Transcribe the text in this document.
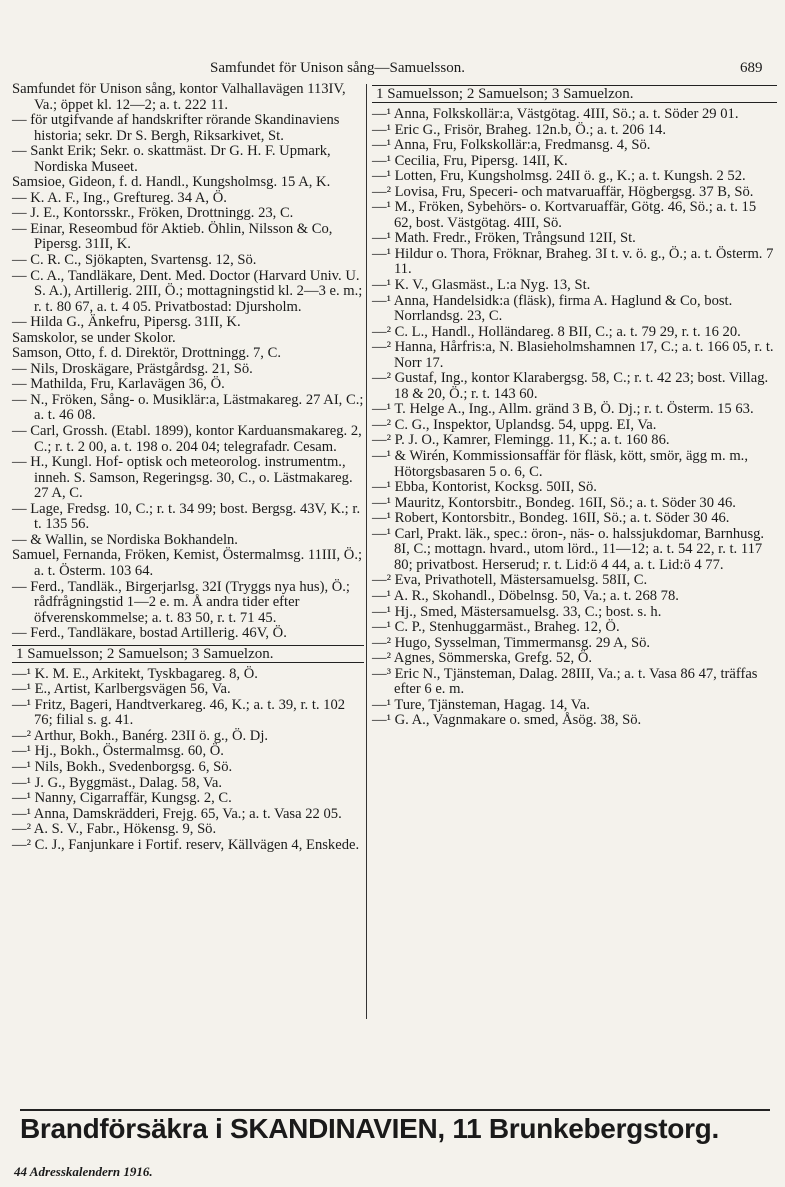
Samfundet för Unison sång—Samuelsson.	689
Samfundet för Unison sång, kontor Valhallavägen 113IV, Va.; öppet kl. 12—2; a. t. 222 11.
— för utgifvande af handskrifter rörande Skandinaviens historia; sekr. Dr S. Bergh, Riksarkivet, St.
— Sankt Erik; Sekr. o. skattmäst. Dr G. H. F. Upmark, Nordiska Museet.
Samsioe, Gideon, f. d. Handl., Kungsholmsg. 15 A, K.
— K. A. F., Ing., Greftureg. 34 A, Ö.
— J. E., Kontorsskr., Fröken, Drottningg. 23, C.
— Einar, Reseombud för Aktieb. Öhlin, Nilsson & Co, Pipersg. 31II, K.
— C. R. C., Sjökapten, Svartensg. 12, Sö.
— C. A., Tandläkare, Dent. Med. Doctor (Harvard Univ. U. S. A.), Artillerig. 2III, Ö.; mottagningstid kl. 2—3 e. m.; r. t. 80 67, a. t. 4 05. Privatbostad: Djursholm.
— Hilda G., Änkefru, Pipersg. 31II, K.
Samskolor, se under Skolor.
Samson, Otto, f. d. Direktör, Drottningg. 7, C.
— Nils, Droskägare, Prästgårdsg. 21, Sö.
— Mathilda, Fru, Karlavägen 36, Ö.
— N., Fröken, Sång- o. Musiklär:a, Lästmakareg. 27 AI, C.; a. t. 46 08.
— Carl, Grossh. (Etabl. 1899), kontor Karduansmakareg. 2, C.; r. t. 2 00, a. t. 198 o. 204 04; telegrafadr. Cesam.
— H., Kungl. Hof- optisk och meteorolog. instrumentm., inneh. S. Samson, Regeringsg. 30, C., o. Lästmakareg. 27 A, C.
— Lage, Fredsg. 10, C.; r. t. 34 99; bost. Bergsg. 43V, K.; r. t. 135 56.
— & Wallin, se Nordiska Bokhandeln.
Samuel, Fernanda, Fröken, Kemist, Östermalmsg. 11III, Ö.; a. t. Österm. 103 64.
— Ferd., Tandläk., Birgerjarlsg. 32I (Tryggs nya hus), Ö.; rådfrågningstid 1—2 e. m. Å andra tider efter öfverenskommelse; a. t. 83 50, r. t. 71 45.
— Ferd., Tandläkare, bostad Artillerig. 46V, Ö.
1 Samuelsson; 2 Samuelson; 3 Samuelzon.
—¹ K. M. E., Arkitekt, Tyskbagareg. 8, Ö.
—¹ E., Artist, Karlbergsvägen 56, Va.
—¹ Fritz, Bageri, Handtverkareg. 46, K.; a. t. 39, r. t. 102 76; filial s. g. 41.
—² Arthur, Bokh., Banérg. 23II ö. g., Ö. Dj.
—¹ Hj., Bokh., Östermalmsg. 60, Ö.
—¹ Nils, Bokh., Svedenborgsg. 6, Sö.
—¹ J. G., Byggmäst., Dalag. 58, Va.
—¹ Nanny, Cigarraffär, Kungsg. 2, C.
—¹ Anna, Damskrädderi, Frejg. 65, Va.; a. t. Vasa 22 05.
—² A. S. V., Fabr., Hökensg. 9, Sö.
—² C. J., Fanjunkare i Fortif. reserv, Källvägen 4, Enskede.
1 Samuelsson; 2 Samuelson; 3 Samuelzon.
—¹ Anna, Folkskollär:a, Västgötag. 4III, Sö.; a. t. Söder 29 01.
—¹ Eric G., Frisör, Braheg. 12n.b, Ö.; a. t. 206 14.
—¹ Anna, Fru, Folkskollär:a, Fredmansg. 4, Sö.
—¹ Cecilia, Fru, Pipersg. 14II, K.
—¹ Lotten, Fru, Kungsholmsg. 24II ö. g., K.; a. t. Kungsh. 2 52.
—² Lovisa, Fru, Speceri- och matvaruaffär, Högbergsg. 37 B, Sö.
—¹ M., Fröken, Sybehörs- o. Kortvaruaffär, Götg. 46, Sö.; a. t. 15 62, bost. Västgötag. 4III, Sö.
—¹ Math. Fredr., Fröken, Trångsund 12II, St.
—¹ Hildur o. Thora, Fröknar, Braheg. 3I t. v. ö. g., Ö.; a. t. Österm. 7 11.
—¹ K. V., Glasmäst., L:a Nyg. 13, St.
—¹ Anna, Handelsidk:a (fläsk), firma A. Haglund & Co, bost. Norrlandsg. 23, C.
—² C. L., Handl., Holländareg. 8 BII, C.; a. t. 79 29, r. t. 16 20.
—² Hanna, Hårfris:a, N. Blasieholmshamnen 17, C.; a. t. 166 05, r. t. Norr 17.
—² Gustaf, Ing., kontor Klarabergsg. 58, C.; r. t. 42 23; bost. Villag. 18 & 20, Ö.; r. t. 143 60.
—¹ T. Helge A., Ing., Allm. gränd 3 B, Ö. Dj.; r. t. Österm. 15 63.
—² C. G., Inspektor, Uplandsg. 54, uppg. EI, Va.
—² P. J. O., Kamrer, Flemingg. 11, K.; a. t. 160 86.
—¹ & Wirén, Kommissionsaffär för fläsk, kött, smör, ägg m. m., Hötorgsbasaren 5 o. 6, C.
—¹ Ebba, Kontorist, Kocksg. 50II, Sö.
—¹ Mauritz, Kontorsbitr., Bondeg. 16II, Sö.; a. t. Söder 30 46.
—¹ Robert, Kontorsbitr., Bondeg. 16II, Sö.; a. t. Söder 30 46.
—¹ Carl, Prakt. läk., spec.: öron-, näs- o. halssjukdomar, Barnhusg. 8I, C.; mottagn. hvard., utom lörd., 11—12; a. t. 54 22, r. t. 117 80; privatbost. Herserud; r. t. Lid:ö 4 44, a. t. Lid:ö 4 77.
—² Eva, Privathotell, Mästersamuelsg. 58II, C.
—¹ A. R., Skohandl., Döbelnsg. 50, Va.; a. t. 268 78.
—¹ Hj., Smed, Mästersamuelsg. 33, C.; bost. s. h.
—¹ C. P., Stenhuggarmäst., Braheg. 12, Ö.
—² Hugo, Sysselman, Timmermansg. 29 A, Sö.
—² Agnes, Sömmerska, Grefg. 52, Ö.
—³ Eric N., Tjänsteman, Dalag. 28III, Va.; a. t. Vasa 86 47, träffas efter 6 e. m.
—¹ Ture, Tjänsteman, Hagag. 14, Va.
—¹ G. A., Vagnmakare o. smed, Åsög. 38, Sö.
Brandförsäkra i SKANDINAVIEN, 11 Brunkebergstorg.
44 Adresskalendern 1916.
